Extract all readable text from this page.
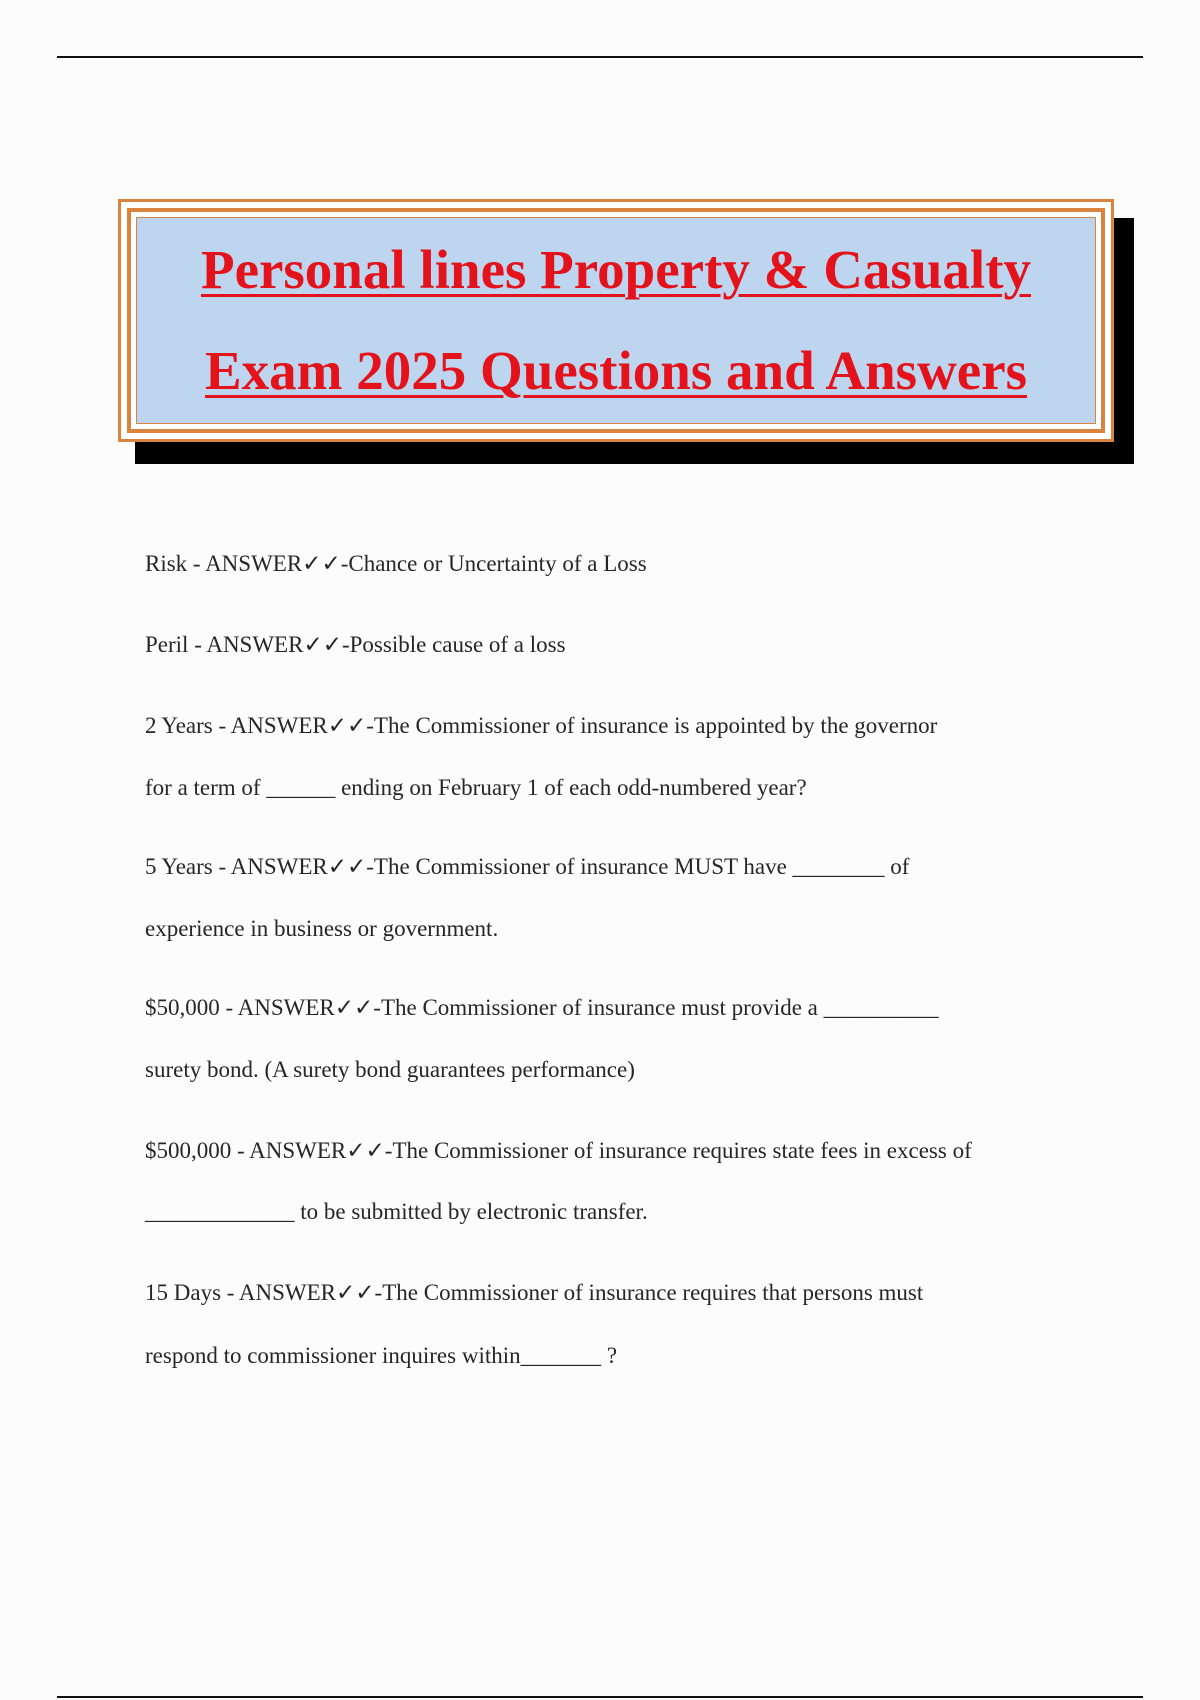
Personal lines Property & Casualty
Exam 2025 Questions and Answers

Risk - ANSWER✓✓-Chance or Uncertainty of a Loss

Peril - ANSWER✓✓-Possible cause of a loss

2 Years - ANSWER✓✓-The Commissioner of insurance is appointed by the governor

for a term of ______ ending on February 1 of each odd-numbered year?

5 Years - ANSWER✓✓-The Commissioner of insurance MUST have ________ of

experience in business or government.

$50,000 - ANSWER✓✓-The Commissioner of insurance must provide a __________

surety bond. (A surety bond guarantees performance)

$500,000 - ANSWER✓✓-The Commissioner of insurance requires state fees in excess of

_____________ to be submitted by electronic transfer.

15 Days - ANSWER✓✓-The Commissioner of insurance requires that persons must

respond to commissioner inquires within_______ ?
